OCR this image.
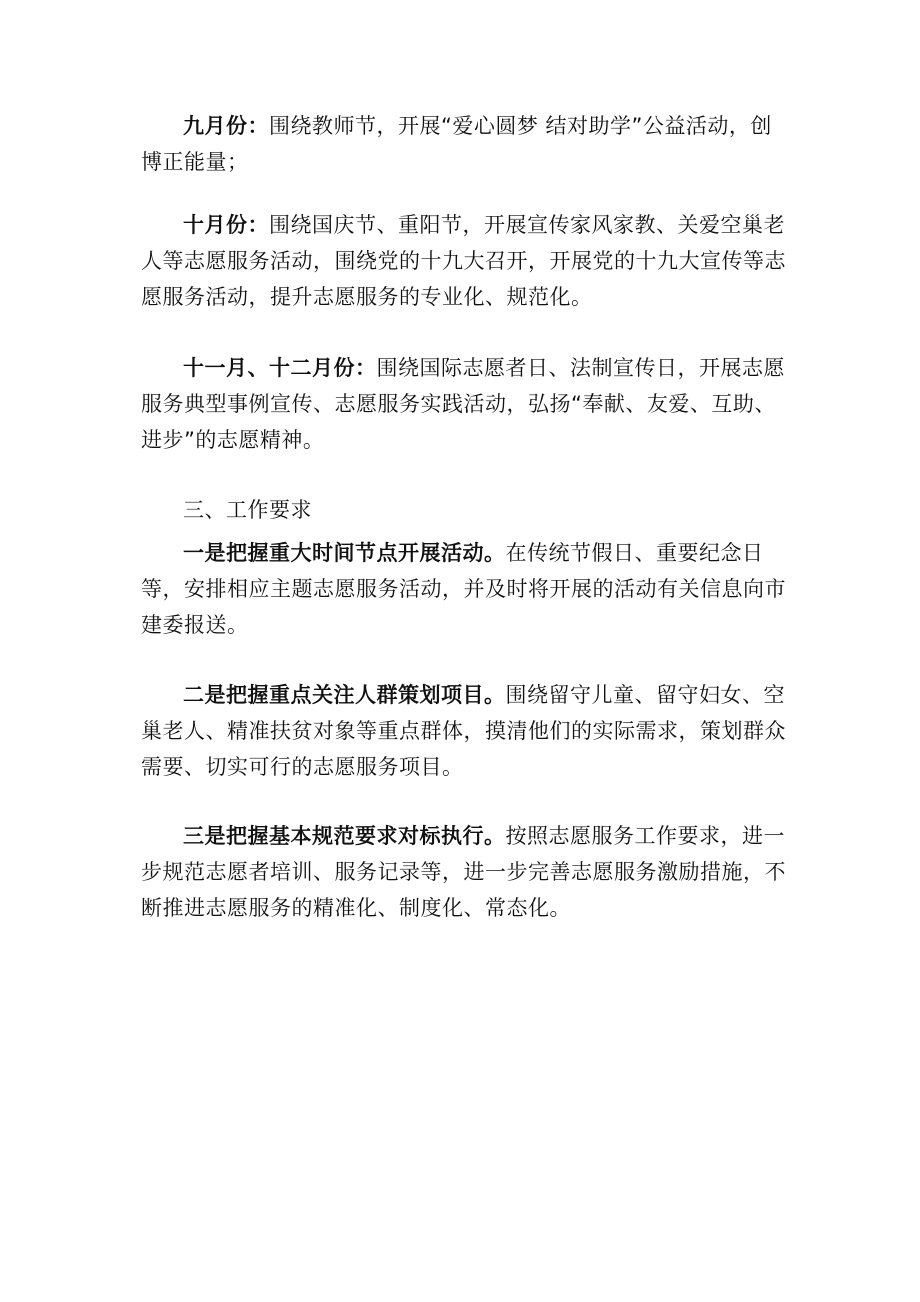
九月份：围绕教师节，开展“爱心圆梦 结对助学”公益活动，创博正能量；

十月份：围绕国庆节、重阳节，开展宣传家风家教、关爱空巢老人等志愿服务活动，围绕党的十九大召开，开展党的十九大宣传等志愿服务活动，提升志愿服务的专业化、规范化。

十一月、十二月份：围绕国际志愿者日、法制宣传日，开展志愿服务典型事例宣传、志愿服务实践活动，弘扬“奉献、友爱、互助、进步”的志愿精神。

三、工作要求

一是把握重大时间节点开展活动。在传统节假日、重要纪念日等，安排相应主题志愿服务活动，并及时将开展的活动有关信息向市建委报送。

二是把握重点关注人群策划项目。围绕留守儿童、留守妇女、空巢老人、精准扶贫对象等重点群体，摸清他们的实际需求，策划群众需要、切实可行的志愿服务项目。

三是把握基本规范要求对标执行。按照志愿服务工作要求，进一步规范志愿者培训、服务记录等，进一步完善志愿服务激励措施，不断推进志愿服务的精准化、制度化、常态化。
